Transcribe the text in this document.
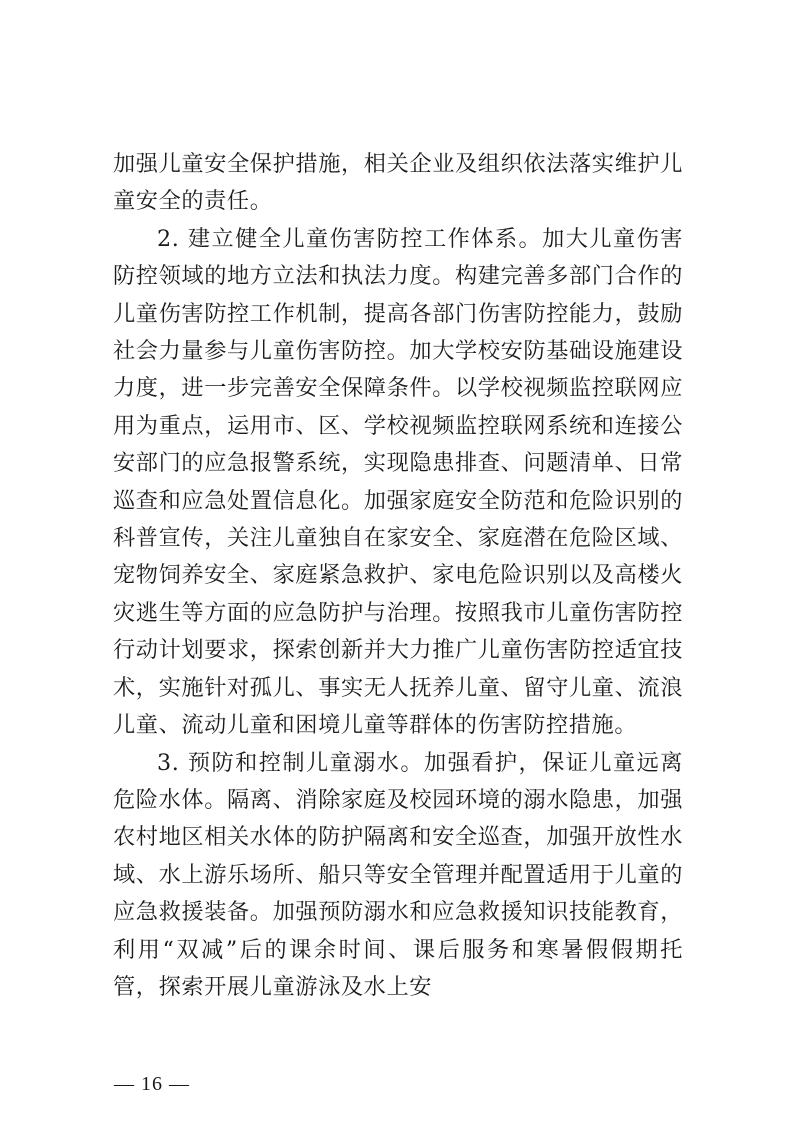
加强儿童安全保护措施，相关企业及组织依法落实维护儿童安全的责任。

2. 建立健全儿童伤害防控工作体系。加大儿童伤害防控领域的地方立法和执法力度。构建完善多部门合作的儿童伤害防控工作机制，提高各部门伤害防控能力，鼓励社会力量参与儿童伤害防控。加大学校安防基础设施建设力度，进一步完善安全保障条件。以学校视频监控联网应用为重点，运用市、区、学校视频监控联网系统和连接公安部门的应急报警系统，实现隐患排查、问题清单、日常巡查和应急处置信息化。加强家庭安全防范和危险识别的科普宣传，关注儿童独自在家安全、家庭潜在危险区域、宠物饲养安全、家庭紧急救护、家电危险识别以及高楼火灾逃生等方面的应急防护与治理。按照我市儿童伤害防控行动计划要求，探索创新并大力推广儿童伤害防控适宜技术，实施针对孤儿、事实无人抚养儿童、留守儿童、流浪儿童、流动儿童和困境儿童等群体的伤害防控措施。

3. 预防和控制儿童溺水。加强看护，保证儿童远离危险水体。隔离、消除家庭及校园环境的溺水隐患，加强农村地区相关水体的防护隔离和安全巡查，加强开放性水域、水上游乐场所、船只等安全管理并配置适用于儿童的应急救援装备。加强预防溺水和应急救援知识技能教育，利用“双减”后的课余时间、课后服务和寒暑假假期托管，探索开展儿童游泳及水上安

— 16 —
